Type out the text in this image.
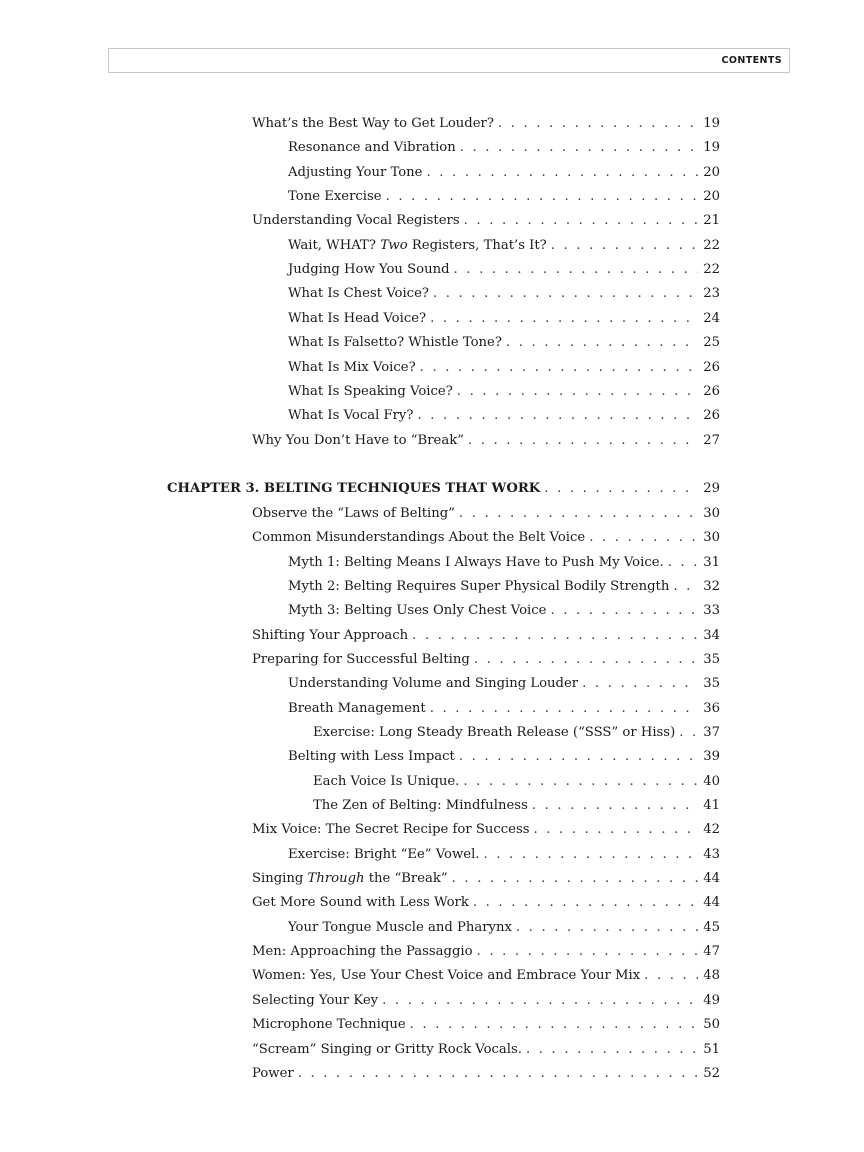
CONTENTS
What’s the Best Way to Get Louder? . . .	19
Resonance and Vibration . . .	19
Adjusting Your Tone . . .	20
Tone Exercise . . .	20
Understanding Vocal Registers . . .	21
Wait, WHAT? Two Registers, That’s It? . . .	22
Judging How You Sound . . .	22
What Is Chest Voice? . . .	23
What Is Head Voice? . . .	24
What Is Falsetto? Whistle Tone? . . .	25
What Is Mix Voice? . . .	26
What Is Speaking Voice? . . .	26
What Is Vocal Fry? . . .	26
Why You Don’t Have to “Break” . . .	27
CHAPTER 3. BELTING TECHNIQUES THAT WORK . . .	29
Observe the “Laws of Belting” . . .	30
Common Misunderstandings About the Belt Voice . . .	30
Myth 1: Belting Means I Always Have to Push My Voice. . . .	31
Myth 2: Belting Requires Super Physical Bodily Strength . . .	32
Myth 3: Belting Uses Only Chest Voice . . .	33
Shifting Your Approach . . .	34
Preparing for Successful Belting . . .	35
Understanding Volume and Singing Louder . . .	35
Breath Management . . .	36
Exercise: Long Steady Breath Release (“SSS” or Hiss) . . . 37
Belting with Less Impact . . .	39
Each Voice Is Unique. . . .	40
The Zen of Belting: Mindfulness . . .	41
Mix Voice: The Secret Recipe for Success . . .	42
Exercise: Bright “Ee” Vowel. . . .	43
Singing Through the “Break” . . .	44
Get More Sound with Less Work . . .	44
Your Tongue Muscle and Pharynx . . .	45
Men: Approaching the Passaggio . . .	47
Women: Yes, Use Your Chest Voice and Embrace Your Mix . . .	48
Selecting Your Key . . .	49
Microphone Technique . . .	50
“Scream” Singing or Gritty Rock Vocals. . . .	51
Power . . .	52
